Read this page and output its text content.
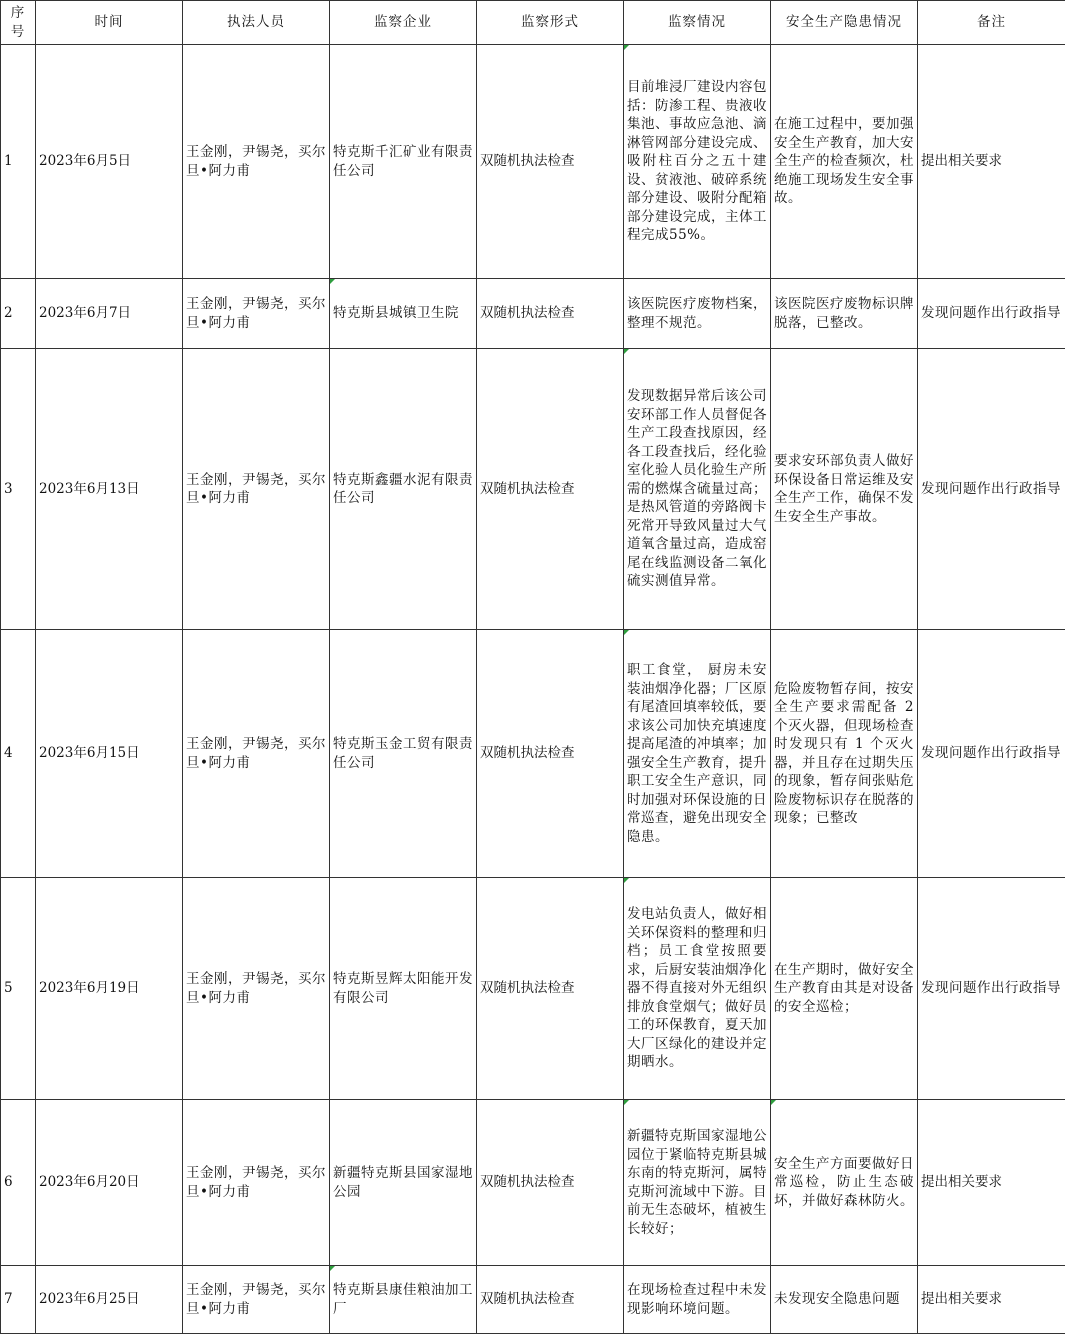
序号	时间	执法人员	监察企业	监察形式	监察情况	安全生产隐患情况	备注
1	2023年6月5日	王金刚，尹锡尧，买尔旦•阿力甫	特克斯千汇矿业有限责任公司	双随机执法检查	目前堆浸厂建设内容包括：防渗工程、贵液收集池、事故应急池、滴淋管网部分建设完成、吸附柱百分之五十建设、贫液池、破碎系统部分建设、吸附分配箱部分建设完成，主体工程完成55%。	在施工过程中，要加强安全生产教育，加大安全生产的检查频次，杜绝施工现场发生安全事故。	提出相关要求
2	2023年6月7日	王金刚，尹锡尧，买尔旦•阿力甫	特克斯县城镇卫生院	双随机执法检查	该医院医疗废物档案，整理不规范。	该医院医疗废物标识牌脱落，已整改。	发现问题作出行政指导
3	2023年6月13日	王金刚，尹锡尧，买尔旦•阿力甫	特克斯鑫疆水泥有限责任公司	双随机执法检查	发现数据异常后该公司安环部工作人员督促各生产工段查找原因，经各工段查找后，经化验室化验人员化验生产所需的燃煤含硫量过高；是热风管道的旁路阀卡死常开导致风量过大气道氧含量过高，造成窑尾在线监测设备二氧化硫实测值异常。	要求安环部负责人做好环保设备日常运维及安全生产工作，确保不发生安全生产事故。	发现问题作出行政指导
4	2023年6月15日	王金刚，尹锡尧，买尔旦•阿力甫	特克斯玉金工贸有限责任公司	双随机执法检查	职工食堂， 厨房未安装油烟净化器；厂区原有尾渣回填率较低，要求该公司加快充填速度提高尾渣的冲填率；加强安全生产教育，提升职工安全生产意识，同时加强对环保设施的日常巡查，避免出现安全隐患。	危险废物暂存间，按安全生产要求需配备 2 个灭火器，但现场检查时发现只有 1 个灭火器，并且存在过期失压的现象，暂存间张贴危险废物标识存在脱落的现象；已整改	发现问题作出行政指导
5	2023年6月19日	王金刚，尹锡尧，买尔旦•阿力甫	特克斯昱辉太阳能开发有限公司	双随机执法检查	发电站负责人，做好相关环保资料的整理和归档；员工食堂按照要求，后厨安装油烟净化器不得直接对外无组织排放食堂烟气；做好员工的环保教育，夏天加大厂区绿化的建设并定期晒水。	在生产期时，做好安全生产教育由其是对设备的安全巡检；	发现问题作出行政指导
6	2023年6月20日	王金刚，尹锡尧，买尔旦•阿力甫	新疆特克斯县国家湿地公园	双随机执法检查	新疆特克斯国家湿地公园位于紧临特克斯县城东南的特克斯河，属特克斯河流域中下游。目前无生态破坏，植被生长较好；	安全生产方面要做好日常巡检，防止生态破坏，并做好森林防火。	提出相关要求
7	2023年6月25日	王金刚，尹锡尧，买尔旦•阿力甫	特克斯县康佳粮油加工厂	双随机执法检查	在现场检查过程中未发现影响环境问题。	未发现安全隐患问题	提出相关要求
